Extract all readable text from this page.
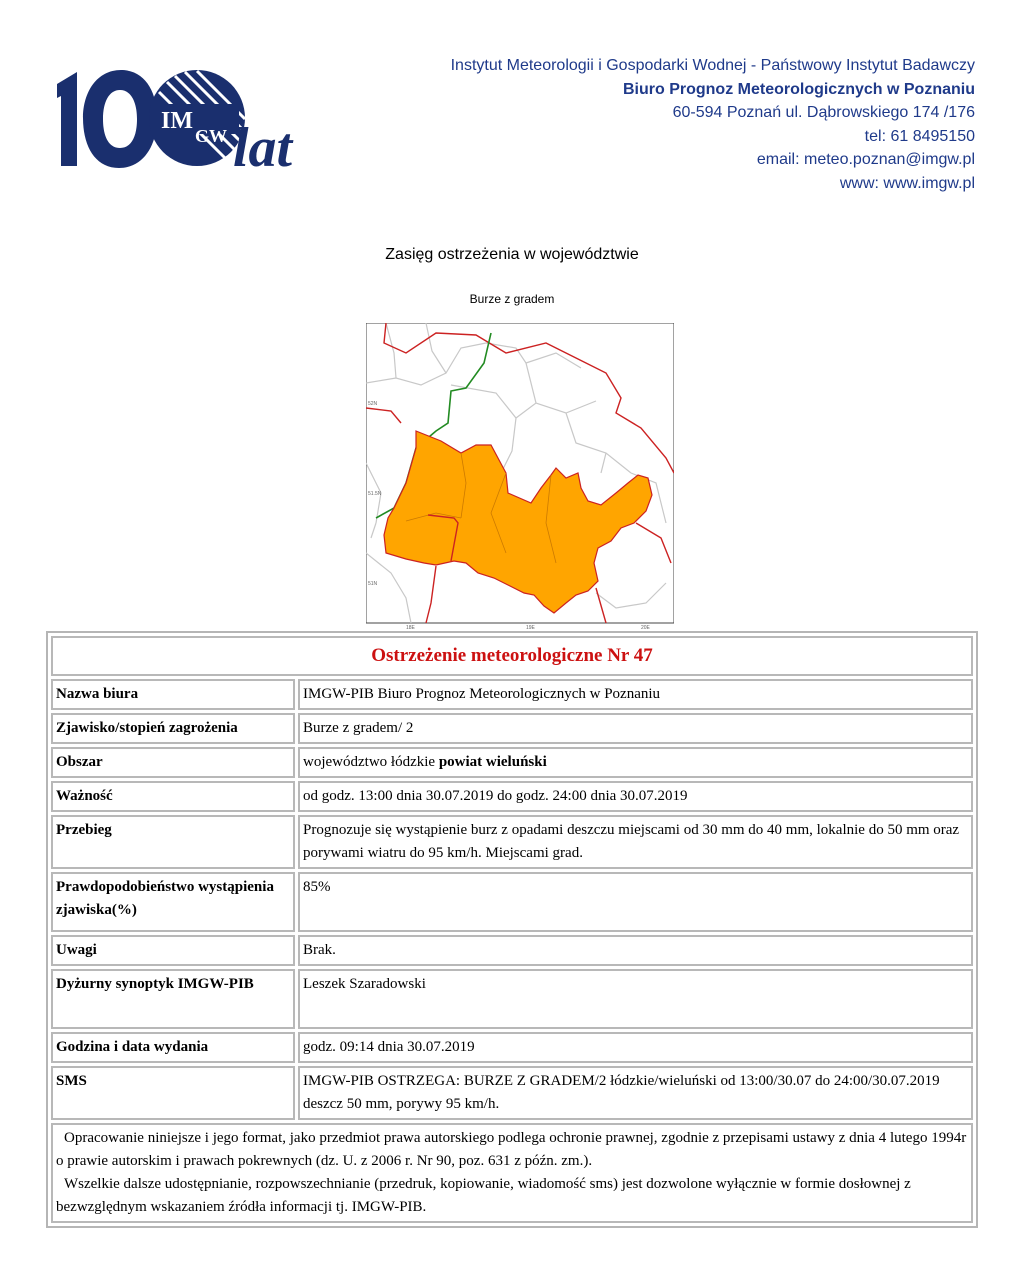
IM
GW lat
Instytut Meteorologii i Gospodarki Wodnej - Państwowy Instytut Badawczy
Biuro Prognoz Meteorologicznych w Poznaniu
60-594 Poznań ul. Dąbrowskiego 174 /176
tel: 61 8495150
email: meteo.poznan@imgw.pl
www: www.imgw.pl
Zasięg ostrzeżenia w województwie
Burze z gradem
52N
51.5N
51N
18E	19E	20E
Ostrzeżenie meteorologiczne Nr 47	
Nazwa biura	IMGW-PIB Biuro Prognoz Meteorologicznych w Poznaniu
Zjawisko/stopień zagrożenia	Burze z gradem/ 2
Obszar	województwo łódzkie powiat wieluński
Ważność	od godz. 13:00 dnia 30.07.2019 do godz. 24:00 dnia 30.07.2019
Przebieg	Prognozuje się wystąpienie burz z opadami deszczu miejscami od 30 mm do 40 mm, lokalnie do 50 mm oraz porywami wiatru do 95 km/h. Miejscami grad.
Prawdopodobieństwo wystąpienia zjawiska(%)	85%
Uwagi	Brak.
Dyżurny synoptyk IMGW-PIB	Leszek Szaradowski
Godzina i data wydania	godz. 09:14 dnia 30.07.2019
SMS	IMGW-PIB OSTRZEGA: BURZE Z GRADEM/2 łódzkie/wieluński od 13:00/30.07 do 24:00/30.07.2019 deszcz 50 mm, porywy 95 km/h.

Opracowanie niniejsze i jego format, jako przedmiot prawa autorskiego podlega ochronie prawnej, zgodnie z przepisami ustawy z dnia 4 lutego 1994r o prawie autorskim i prawach pokrewnych (dz. U. z 2006 r. Nr 90, poz. 631 z późn. zm.).
Wszelkie dalsze udostępnianie, rozpowszechnianie (przedruk, kopiowanie, wiadomość sms) jest dozwolone wyłącznie w formie dosłownej z bezwzględnym wskazaniem źródła informacji tj. IMGW-PIB.	
